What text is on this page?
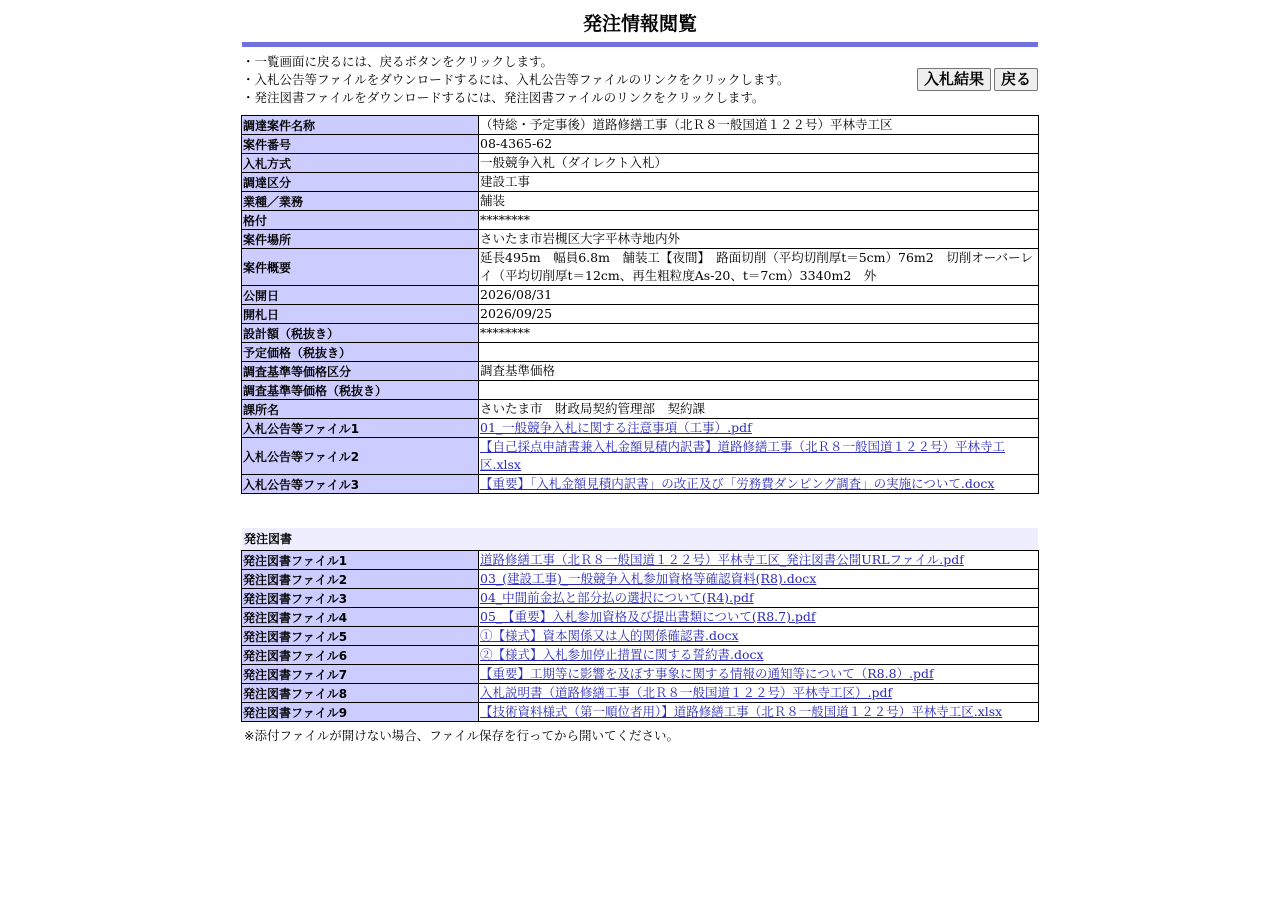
発注情報閲覧
・一覧画面に戻るには、戻るボタンをクリックします。
・入札公告等ファイルをダウンロードするには、入札公告等ファイルのリンクをクリックします。
・発注図書ファイルをダウンロードするには、発注図書ファイルのリンクをクリックします。
入札結果	戻る
調達案件名称	（特総・予定事後）道路修繕工事（北Ｒ８一般国道１２２号）平林寺工区
案件番号	08-4365-62
入札方式	一般競争入札（ダイレクト入札）
調達区分	建設工事
業種／業務	舗装
格付	********
案件場所	さいたま市岩槻区大字平林寺地内外
案件概要	延長495m　幅員6.8m　舗装工【夜間】　路面切削（平均切削厚t＝5cm）76m2　切削オーバーレイ（平均切削厚t＝12cm、再生粗粒度As-20、t＝7cm）3340m2　外
公開日	2026/08/31
開札日	2026/09/25
設計額（税抜き）	********
予定価格（税抜き）	
調査基準等価格区分	調査基準価格
調査基準等価格（税抜き）	
課所名	さいたま市　財政局契約管理部　契約課
入札公告等ファイル1	01_一般競争入札に関する注意事項（工事）.pdf
入札公告等ファイル2	【自己採点申請書兼入札金額見積内訳書】道路修繕工事（北Ｒ８一般国道１２２号）平林寺工区.xlsx
入札公告等ファイル3	【重要】「入札金額見積内訳書」の改正及び「労務費ダンピング調査」の実施について.docx
発注図書
発注図書ファイル1	道路修繕工事（北Ｒ８一般国道１２２号）平林寺工区_発注図書公開URLファイル.pdf
発注図書ファイル2	03_(建設工事)_一般競争入札参加資格等確認資料(R8).docx
発注図書ファイル3	04_中間前金払と部分払の選択について(R4).pdf
発注図書ファイル4	05_【重要】入札参加資格及び提出書類について(R8.7).pdf
発注図書ファイル5	①【様式】資本関係又は人的関係確認書.docx
発注図書ファイル6	②【様式】入札参加停止措置に関する誓約書.docx
発注図書ファイル7	【重要】工期等に影響を及ぼす事象に関する情報の通知等について（R8.8）.pdf
発注図書ファイル8	入札説明書（道路修繕工事（北Ｒ８一般国道１２２号）平林寺工区）.pdf
発注図書ファイル9	【技術資料様式（第一順位者用）】道路修繕工事（北Ｒ８一般国道１２２号）平林寺工区.xlsx
※添付ファイルが開けない場合、ファイル保存を行ってから開いてください。
